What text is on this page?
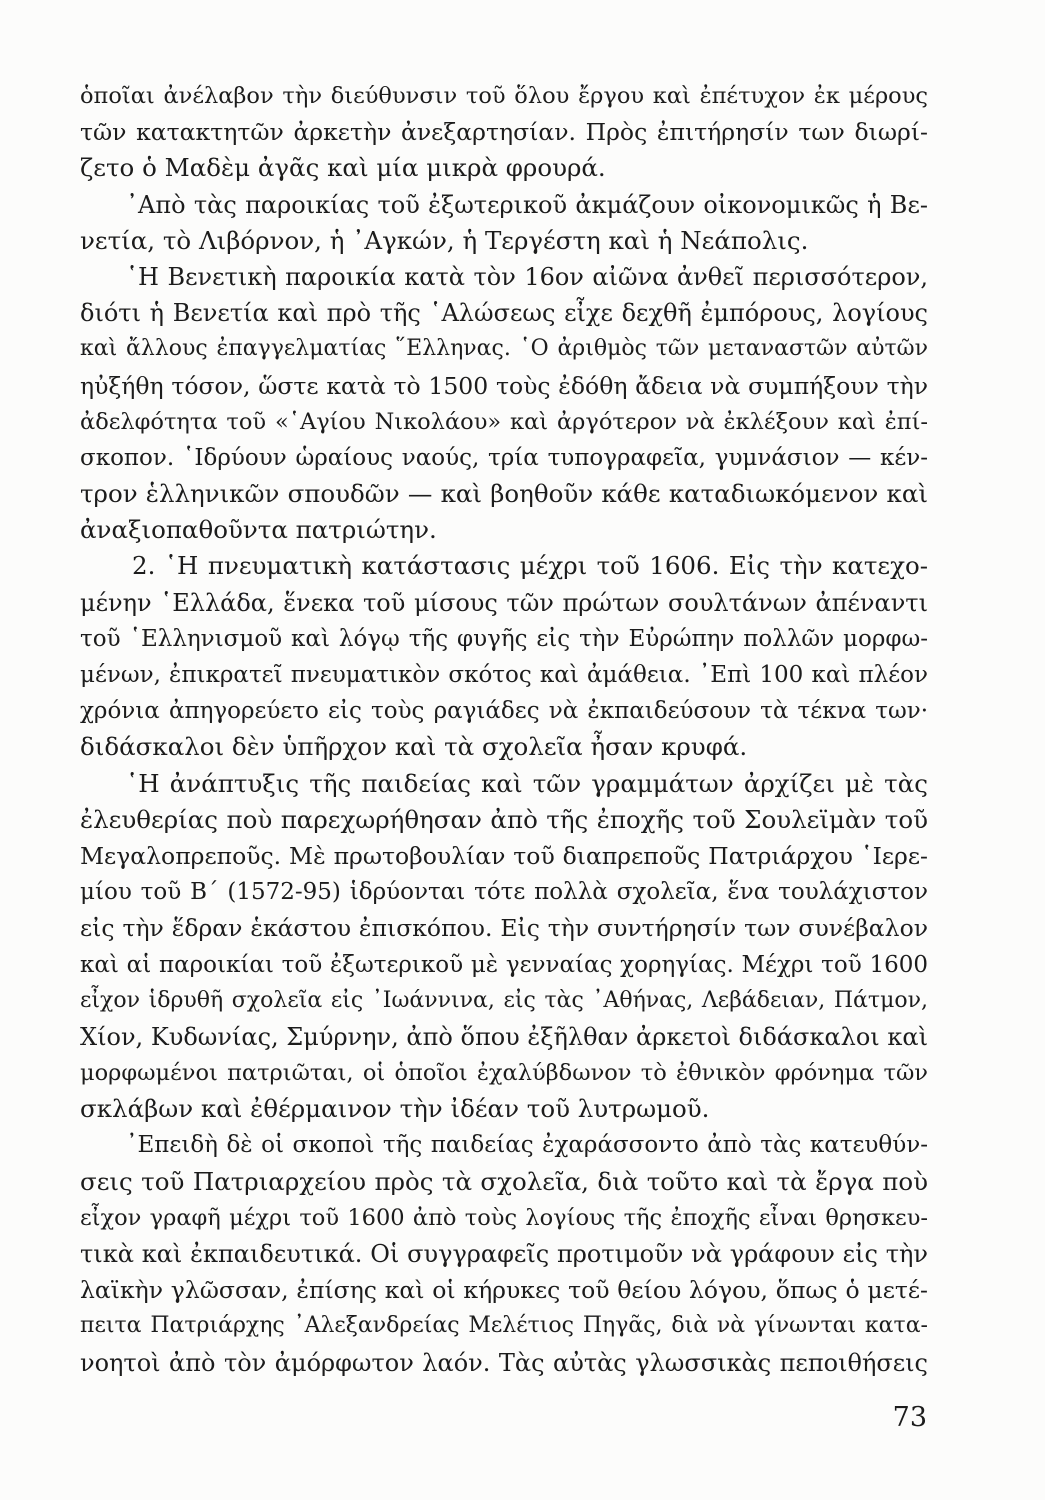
ὁποῖαι ἀνέλαβον τὴν διεύθυνσιν τοῦ ὅλου ἔργου καὶ ἐπέτυχον ἐκ μέρους
τῶν κατακτητῶν ἀρκετὴν ἀνεξαρτησίαν. Πρὸς ἐπιτήρησίν των διωρί-
ζετο ὁ Μαδὲμ ἀγᾶς καὶ μία μικρὰ φρουρά.
᾿Απὸ τὰς παροικίας τοῦ ἐξωτερικοῦ ἀκμάζουν οἰκονομικῶς ἡ Βε-
νετία, τὸ Λιβόρνον, ἡ ᾿Αγκών, ἡ Τεργέστη καὶ ἡ Νεάπολις.
῾Η Βενετικὴ παροικία κατὰ τὸν 16ον αἰῶνα ἀνθεῖ περισσότερον,
διότι ἡ Βενετία καὶ πρὸ τῆς ῾Αλώσεως εἶχε δεχθῆ ἐμπόρους, λογίους
καὶ ἄλλους ἐπαγγελματίας ῞Ελληνας. ῾Ο ἀριθμὸς τῶν μεταναστῶν αὐτῶν
ηὐξήθη τόσον, ὥστε κατὰ τὸ 1500 τοὺς ἐδόθη ἄδεια νὰ συμπήξουν τὴν
ἀδελφότητα τοῦ «῾Αγίου Νικολάου» καὶ ἀργότερον νὰ ἐκλέξουν καὶ ἐπί-
σκοπον. ῾Ιδρύουν ὡραίους ναούς, τρία τυπογραφεῖα, γυμνάσιον — κέν-
τρον ἑλληνικῶν σπουδῶν — καὶ βοηθοῦν κάθε καταδιωκόμενον καὶ
ἀναξιοπαθοῦντα πατριώτην.
2. ῾Η πνευματικὴ κατάστασις μέχρι τοῦ 1606. Εἰς τὴν κατεχο-
μένην ῾Ελλάδα, ἕνεκα τοῦ μίσους τῶν πρώτων σουλτάνων ἀπέναντι
τοῦ ῾Ελληνισμοῦ καὶ λόγῳ τῆς φυγῆς εἰς τὴν Εὐρώπην πολλῶν μορφω-
μένων, ἐπικρατεῖ πνευματικὸν σκότος καὶ ἀμάθεια. ᾿Επὶ 100 καὶ πλέον
χρόνια ἀπηγορεύετο εἰς τοὺς ραγιάδες νὰ ἐκπαιδεύσουν τὰ τέκνα των·
διδάσκαλοι δὲν ὑπῆρχον καὶ τὰ σχολεῖα ἦσαν κρυφά.
῾Η ἀνάπτυξις τῆς παιδείας καὶ τῶν γραμμάτων ἀρχίζει μὲ τὰς
ἐλευθερίας ποὺ παρεχωρήθησαν ἀπὸ τῆς ἐποχῆς τοῦ Σουλεϊμὰν τοῦ
Μεγαλοπρεποῦς. Μὲ πρωτοβουλίαν τοῦ διαπρεποῦς Πατριάρχου ῾Ιερε-
μίου τοῦ Β΄ (1572-95) ἱδρύονται τότε πολλὰ σχολεῖα, ἕνα τουλάχιστον
εἰς τὴν ἕδραν ἑκάστου ἐπισκόπου. Εἰς τὴν συντήρησίν των συνέβαλον
καὶ αἱ παροικίαι τοῦ ἐξωτερικοῦ μὲ γενναίας χορηγίας. Μέχρι τοῦ 1600
εἶχον ἱδρυθῆ σχολεῖα εἰς ᾿Ιωάννινα, εἰς τὰς ᾿Αθήνας, Λεβάδειαν, Πάτμον,
Χίον, Κυδωνίας, Σμύρνην, ἀπὸ ὅπου ἐξῆλθαν ἀρκετοὶ διδάσκαλοι καὶ
μορφωμένοι πατριῶται, οἱ ὁποῖοι ἐχαλύβδωνον τὸ ἐθνικὸν φρόνημα τῶν
σκλάβων καὶ ἐθέρμαινον τὴν ἰδέαν τοῦ λυτρωμοῦ.
᾿Επειδὴ δὲ οἱ σκοποὶ τῆς παιδείας ἐχαράσσοντο ἀπὸ τὰς κατευθύν-
σεις τοῦ Πατριαρχείου πρὸς τὰ σχολεῖα, διὰ τοῦτο καὶ τὰ ἔργα ποὺ
εἶχον γραφῆ μέχρι τοῦ 1600 ἀπὸ τοὺς λογίους τῆς ἐποχῆς εἶναι θρησκευ-
τικὰ καὶ ἐκπαιδευτικά. Οἱ συγγραφεῖς προτιμοῦν νὰ γράφουν εἰς τὴν
λαϊκὴν γλῶσσαν, ἐπίσης καὶ οἱ κήρυκες τοῦ θείου λόγου, ὅπως ὁ μετέ-
πειτα Πατριάρχης ᾿Αλεξανδρείας Μελέτιος Πηγᾶς, διὰ νὰ γίνωνται κατα-
νοητοὶ ἀπὸ τὸν ἀμόρφωτον λαόν. Τὰς αὐτὰς γλωσσικὰς πεποιθήσεις
73
